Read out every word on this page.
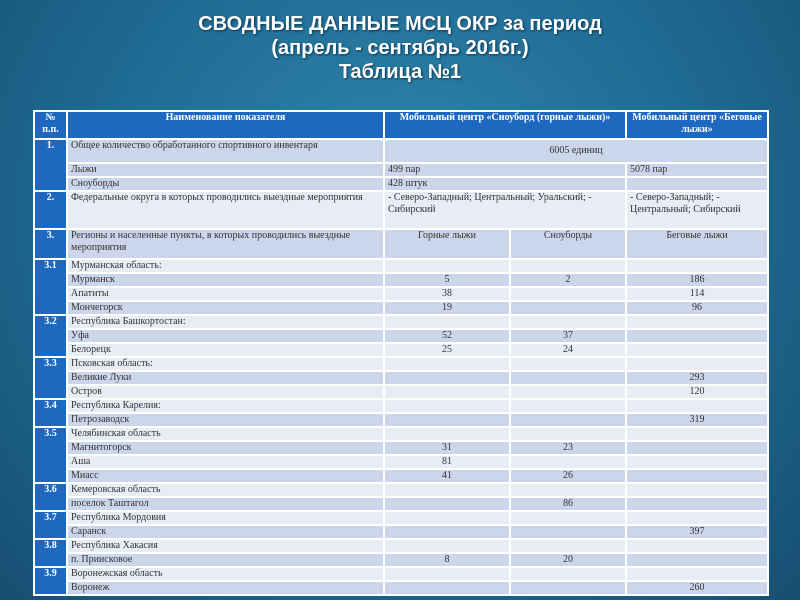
СВОДНЫЕ ДАННЫЕ МСЦ ОКР за период
(апрель - сентябрь 2016г.)
Таблица №1
№ п.п.	Наименование показателя	Мобильный центр «Сноуборд (горные лыжи)»		Мобильный центр «Беговые лыжи»
1.	Общее количество обработанного спортивного инвентаря	6005 единиц		
	Лыжи	499 пар		5078 пар
	Сноуборды	428 штук		
2.	Федеральные округа в которых проводились выездные мероприятия	- Северо-Западный; Центральный; Уральский; - Сибирский		- Северо-Западный; - Центральный; Сибирский
3.	Регионы и населенные пункты, в которых проводились выездные мероприятия	Горные лыжи	Сноуборды	Беговые лыжи
3.1	Мурманская область:			
	Мурманск	5	2	186
	Апатиты	38		114
	Мончегорск	19		96
3.2	Республика Башкортостан:			
	Уфа	52	37	
	Белорецк	25	24	
3.3	Псковская область:			
	Великие Луки			293
	Остров			120
3.4	Республика Карелия:			
	Петрозаводск			319
3.5	Челябинская область			
	Магнитогорск	31	23	
	Аша	81		
	Миасс	41	26	
3.6	Кемеровская область			
	поселок Таштагол		86	
3.7	Республика Мордовия			
	Саранск			397
3.8	Республика Хакасия			
	п. Приисковое	8	20	
3.9	Воронежская область			
	Воронеж			260
